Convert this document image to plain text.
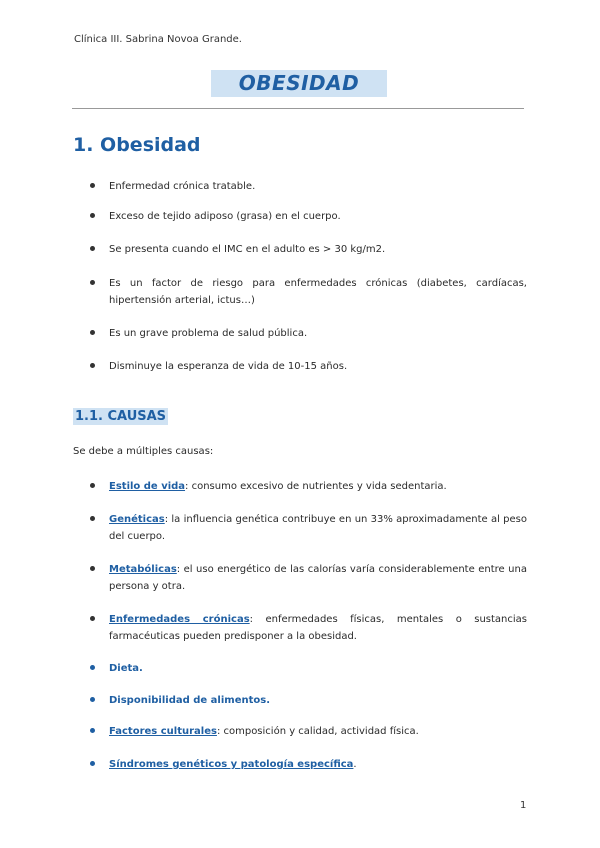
Clínica III. Sabrina Novoa Grande.
OBESIDAD
1. Obesidad
Enfermedad crónica tratable.
Exceso de tejido adiposo (grasa) en el cuerpo.
Se presenta cuando el IMC en el adulto es > 30 kg/m2.
Es un factor de riesgo para enfermedades crónicas (diabetes, cardíacas, hipertensión arterial, ictus…)
Es un grave problema de salud pública.
Disminuye la esperanza de vida de 10-15 años.
1.1. CAUSAS
Se debe a múltiples causas:
Estilo de vida: consumo excesivo de nutrientes y vida sedentaria.
Genéticas: la influencia genética contribuye en un 33% aproximadamente al peso del cuerpo.
Metabólicas: el uso energético de las calorías varía considerablemente entre una persona y otra.
Enfermedades crónicas: enfermedades físicas, mentales o sustancias farmacéuticas pueden predisponer a la obesidad.
Dieta.
Disponibilidad de alimentos.
Factores culturales: composición y calidad, actividad física.
Síndromes genéticos y patología específica.
1
